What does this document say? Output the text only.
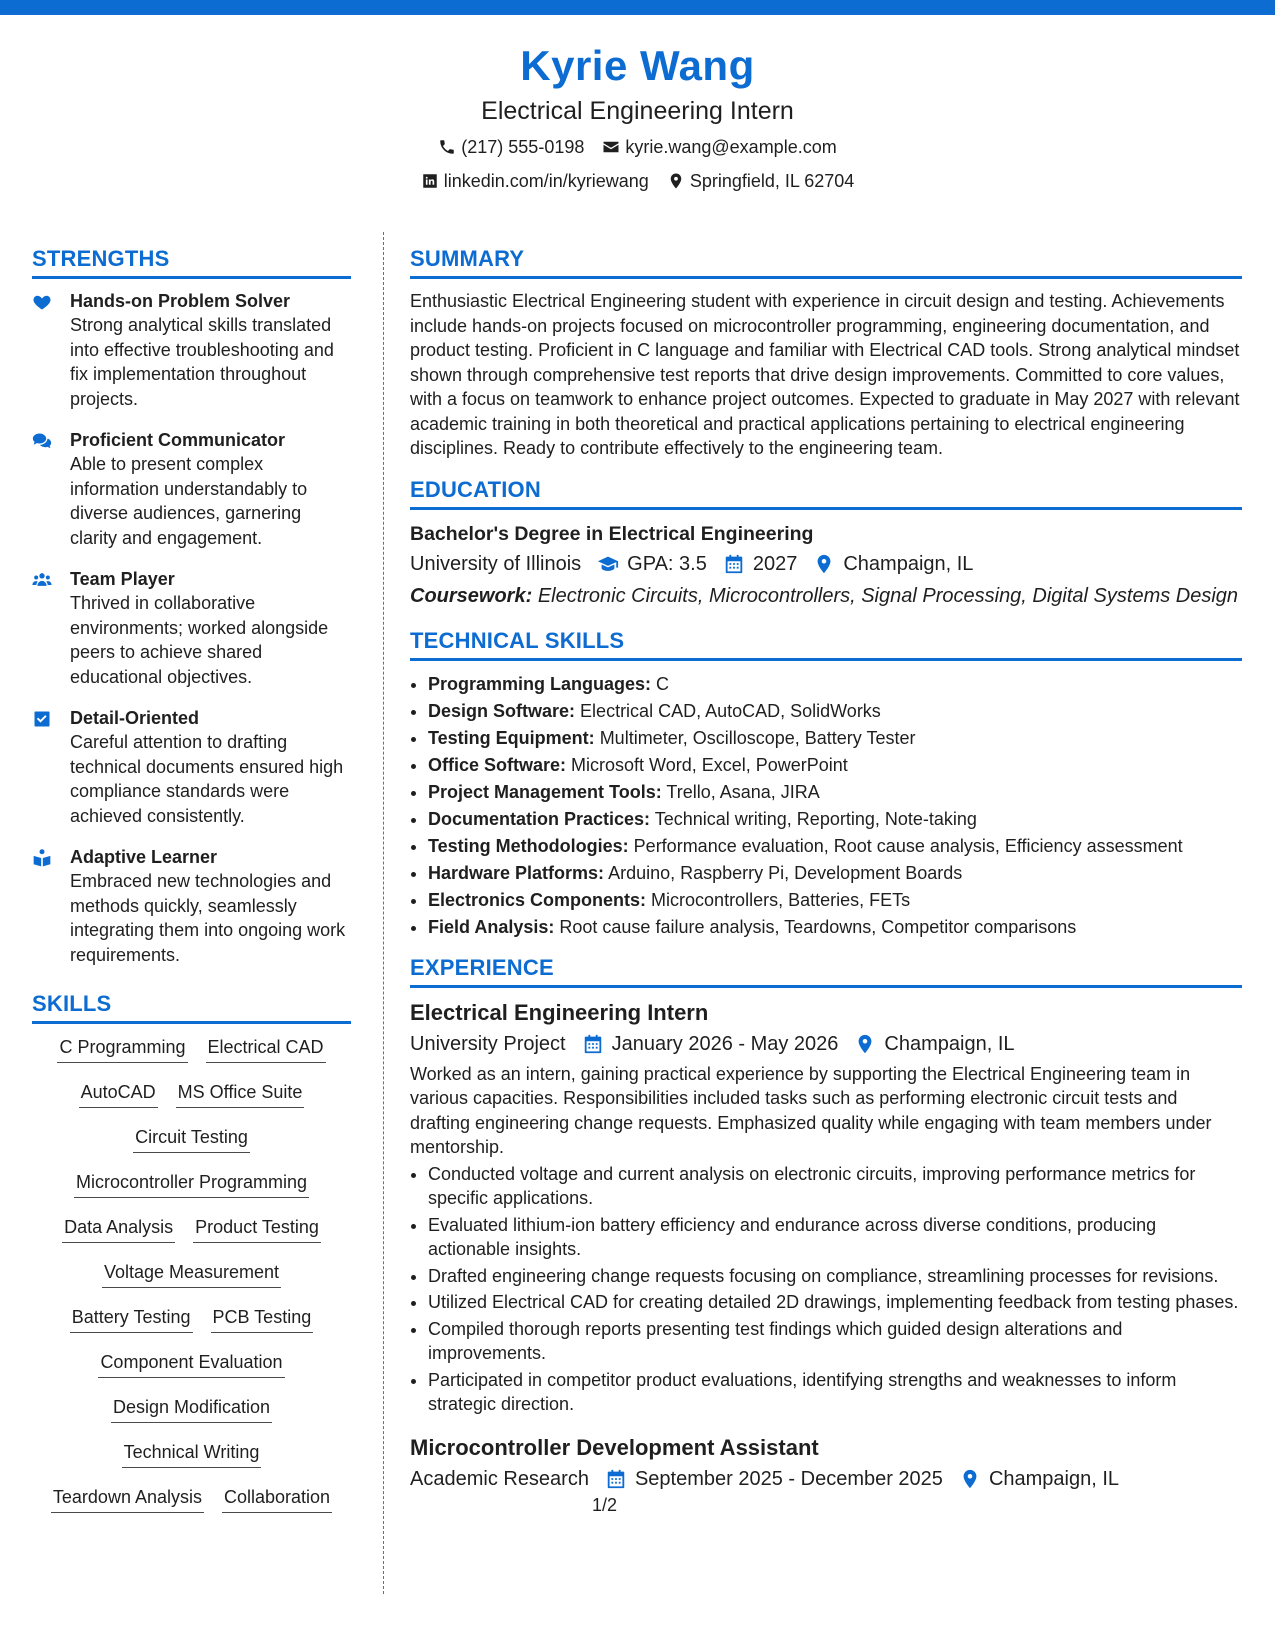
Kyrie Wang
Electrical Engineering Intern
(217) 555-0198 kyrie.wang@example.com
linkedin.com/in/kyriewang Springfield, IL 62704
STRENGTHS
Hands-on Problem Solver
Strong analytical skills translated into effective troubleshooting and fix implementation throughout projects.
Proficient Communicator
Able to present complex information understandably to diverse audiences, garnering clarity and engagement.
Team Player
Thrived in collaborative environments; worked alongside peers to achieve shared educational objectives.
Detail-Oriented
Careful attention to drafting technical documents ensured high compliance standards were achieved consistently.
Adaptive Learner
Embraced new technologies and methods quickly, seamlessly integrating them into ongoing work requirements.
SKILLS
C Programming Electrical CAD
AutoCAD MS Office Suite
Circuit Testing
Microcontroller Programming
Data Analysis Product Testing
Voltage Measurement
Battery Testing PCB Testing
Component Evaluation
Design Modification
Technical Writing
Teardown Analysis Collaboration
SUMMARY

Enthusiastic Electrical Engineering student with experience in circuit design and testing. Achievements include hands-on projects focused on microcontroller programming, engineering documentation, and product testing. Proficient in C language and familiar with Electrical CAD tools. Strong analytical mindset shown through comprehensive test reports that drive design improvements. Committed to core values, with a focus on teamwork to enhance project outcomes. Expected to graduate in May 2027 with relevant academic training in both theoretical and practical applications pertaining to electrical engineering disciplines. Ready to contribute effectively to the engineering team.

EDUCATION
Bachelor's Degree in Electrical Engineering
University of Illinois GPA: 3.5 2027 Champaign, IL
Coursework: Electronic Circuits, Microcontrollers, Signal Processing, Digital Systems Design
TECHNICAL SKILLS
• Programming Languages: C
• Design Software: Electrical CAD, AutoCAD, SolidWorks
• Testing Equipment: Multimeter, Oscilloscope, Battery Tester
• Office Software: Microsoft Word, Excel, PowerPoint
• Project Management Tools: Trello, Asana, JIRA
• Documentation Practices: Technical writing, Reporting, Note-taking
• Testing Methodologies: Performance evaluation, Root cause analysis, Efficiency assessment
• Hardware Platforms: Arduino, Raspberry Pi, Development Boards
• Electronics Components: Microcontrollers, Batteries, FETs
• Field Analysis: Root cause failure analysis, Teardowns, Competitor comparisons
EXPERIENCE
Electrical Engineering Intern
University Project January 2026 - May 2026 Champaign, IL

Worked as an intern, gaining practical experience by supporting the Electrical Engineering team in various capacities. Responsibilities included tasks such as performing electronic circuit tests and drafting engineering change requests. Emphasized quality while engaging with team members under mentorship.

• Conducted voltage and current analysis on electronic circuits, improving performance metrics for specific applications.
• Evaluated lithium-ion battery efficiency and endurance across diverse conditions, producing actionable insights.
• Drafted engineering change requests focusing on compliance, streamlining processes for revisions.
• Utilized Electrical CAD for creating detailed 2D drawings, implementing feedback from testing phases.
• Compiled thorough reports presenting test findings which guided design alterations and improvements.
• Participated in competitor product evaluations, identifying strengths and weaknesses to inform strategic direction.
Microcontroller Development Assistant
Academic Research September 2025 - December 2025 Champaign, IL
1/2
